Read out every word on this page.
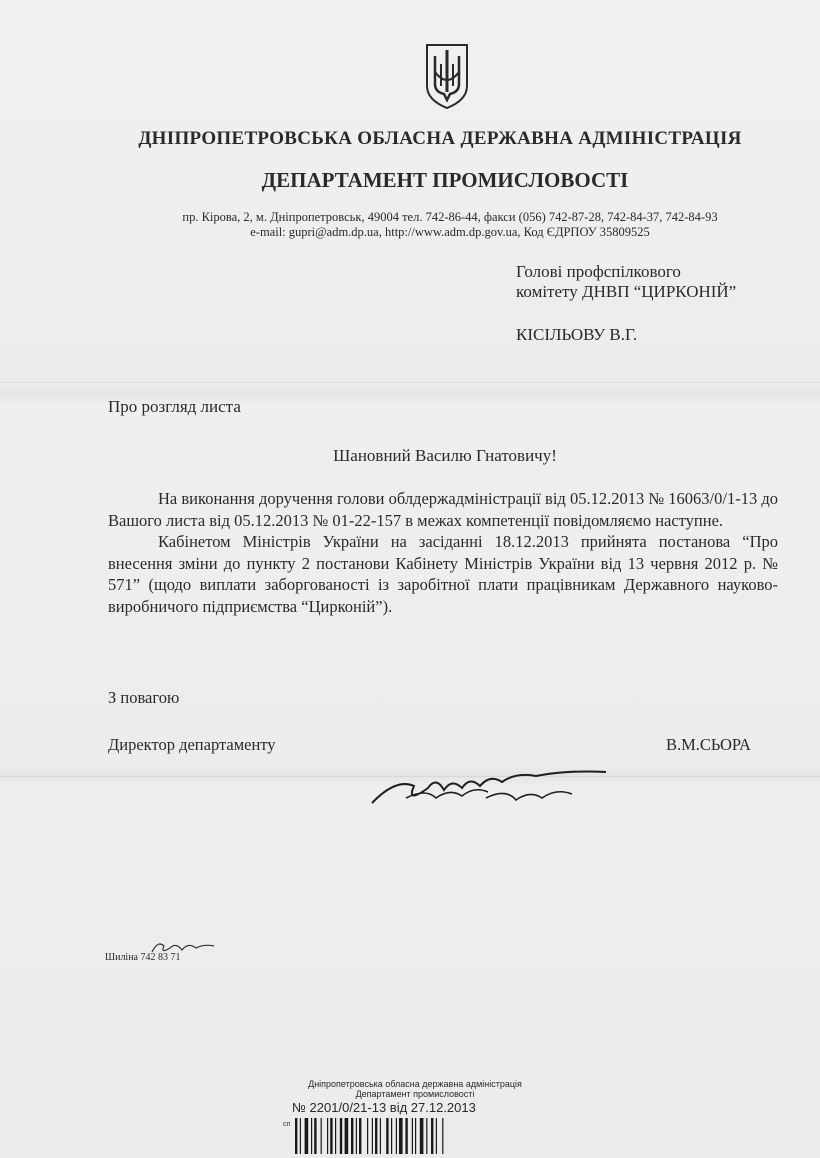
ДНІПРОПЕТРОВСЬКА ОБЛАСНА ДЕРЖАВНА АДМІНІСТРАЦІЯ
ДЕПАРТАМЕНТ ПРОМИСЛОВОСТІ
пр. Кірова, 2, м. Дніпропетровськ, 49004 тел. 742-86-44, факси (056) 742-87-28, 742-84-37, 742-84-93
e-mail: gupri@adm.dp.ua, http://www.adm.dp.gov.ua, Код ЄДРПОУ 35809525
Голові профспілкового
комітету ДНВП “ЦИРКОНІЙ”
КІСІЛЬОВУ В.Г.
Про розгляд листа
Шановний Василю Гнатовичу!

На виконання доручення голови облдержадміністрації від 05.12.2013 № 16063/0/1-13 до Вашого листа від 05.12.2013 № 01-22-157 в межах компетенції повідомляємо наступне.

Кабінетом Міністрів України на засіданні 18.12.2013 прийнята постанова “Про внесення зміни до пункту 2 постанови Кабінету Міністрів України від 13 червня 2012 р. № 571” (щодо виплати заборгованості із заробітної плати працівникам Державного науково-виробничого підприємства “Цирконій”).

З повагою
Директор департаменту	В.М.СЬОРА
Шиліна 742 83 71
Дніпропетровська обласна державна адміністрація
Департамент промисловості
№ 2201/0/21-13 від 27.12.2013
сп
